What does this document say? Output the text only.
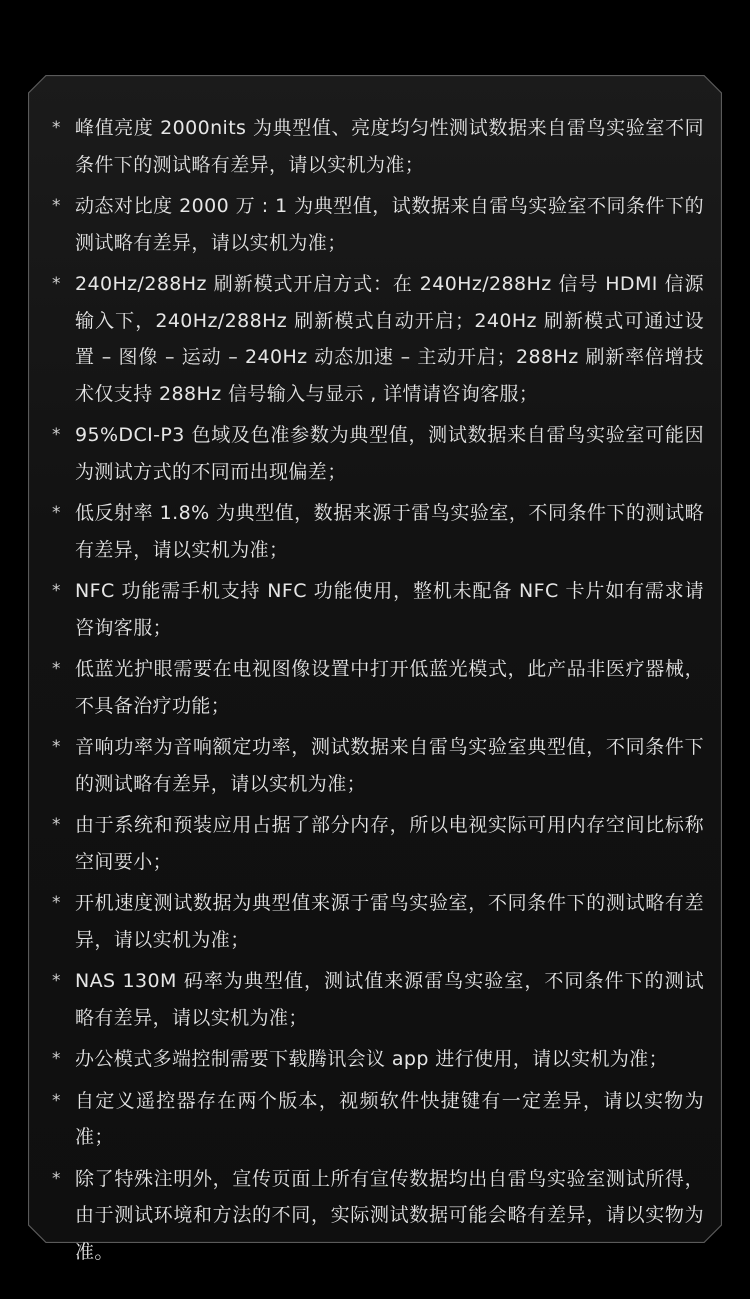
* 峰值亮度 2000nits 为典型值、亮度均匀性测试数据来自雷鸟实验室不同条件下的测试略有差异，请以实机为准；
* 动态对比度 2000 万 : 1 为典型值，试数据来自雷鸟实验室不同条件下的测试略有差异，请以实机为准；
* 240Hz/288Hz 刷新模式开启方式：在 240Hz/288Hz 信号 HDMI 信源输入下，240Hz/288Hz 刷新模式自动开启；240Hz 刷新模式可通过设置 – 图像 – 运动 – 240Hz 动态加速 – 主动开启；288Hz 刷新率倍增技术仅支持 288Hz 信号输入与显示 , 详情请咨询客服；
* 95%DCI-P3 色域及色准参数为典型值，测试数据来自雷鸟实验室可能因为测试方式的不同而出现偏差；
* 低反射率 1.8% 为典型值，数据来源于雷鸟实验室，不同条件下的测试略有差异，请以实机为准；
* NFC 功能需手机支持 NFC 功能使用，整机未配备 NFC 卡片如有需求请咨询客服；
* 低蓝光护眼需要在电视图像设置中打开低蓝光模式，此产品非医疗器械，不具备治疗功能；
* 音响功率为音响额定功率，测试数据来自雷鸟实验室典型值，不同条件下的测试略有差异，请以实机为准；
* 由于系统和预装应用占据了部分内存，所以电视实际可用内存空间比标称空间要小；
* 开机速度测试数据为典型值来源于雷鸟实验室，不同条件下的测试略有差异，请以实机为准；
* NAS 130M 码率为典型值，测试值来源雷鸟实验室，不同条件下的测试略有差异，请以实机为准；
* 办公模式多端控制需要下载腾讯会议 app 进行使用，请以实机为准；
* 自定义遥控器存在两个版本，视频软件快捷键有一定差异，请以实物为准；
* 除了特殊注明外，宣传页面上所有宣传数据均出自雷鸟实验室测试所得，由于测试环境和方法的不同，实际测试数据可能会略有差异，请以实物为准。
